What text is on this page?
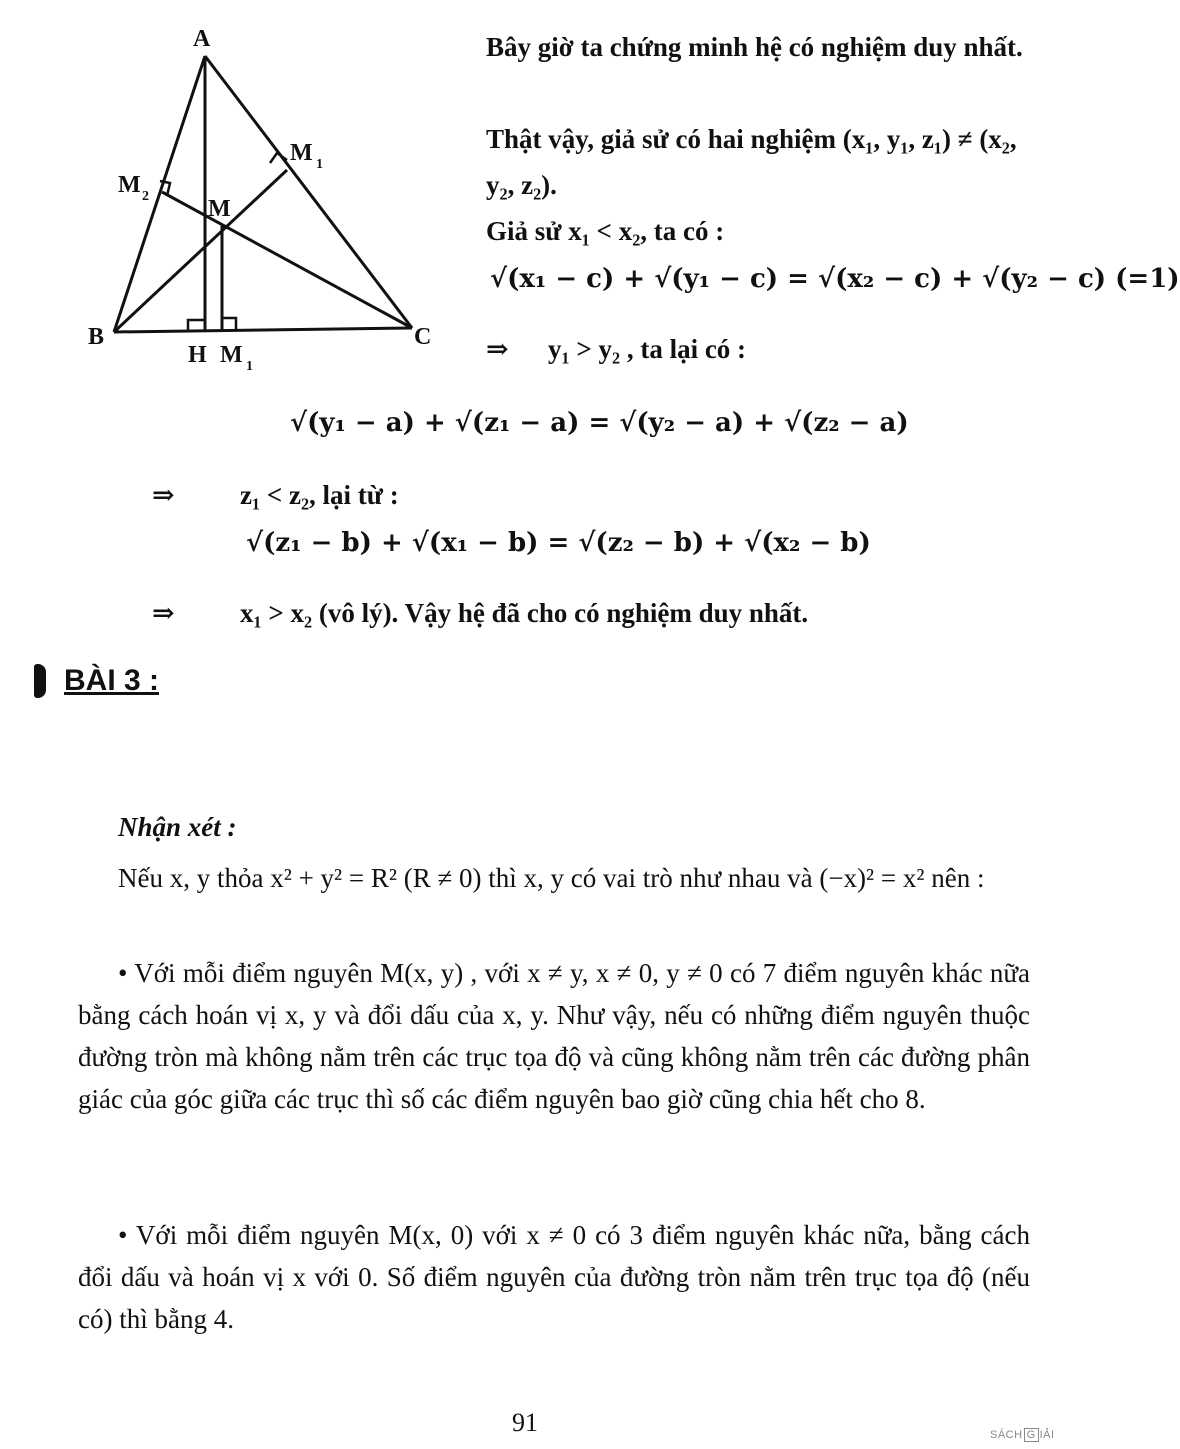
A
B	C
M
M 1
M 2
H M 1
Bây giờ ta chứng minh hệ có nghiệm duy nhất.
Thật vậy, giả sử có hai nghiệm (x₁, y₁, z₁) ≠ (x₂, y₂, z₂).
Giả sử x₁ < x₂, ta có :
√(x₁ − c) + √(y₁ − c) = √(x₂ − c) + √(y₂ − c) (=1)
⇒ y₁ > y₂ , ta lại có :
√(y₁ − a) + √(z₁ − a) = √(y₂ − a) + √(z₂ − a)
⇒ z₁ < z₂, lại từ :
√(z₁ − b) + √(x₁ − b) = √(z₂ − b) + √(x₂ − b)
⇒ x₁ > x₂ (vô lý). Vậy hệ đã cho có nghiệm duy nhất.
BÀI 3 :
Nhận xét :
Nếu x, y thỏa x² + y² = R² (R ≠ 0) thì x, y có vai trò như nhau và (−x)² = x² nên :
• Với mỗi điểm nguyên M(x, y) , với x ≠ y, x ≠ 0, y ≠ 0 có 7 điểm nguyên khác nữa bằng cách hoán vị x, y và đổi dấu của x, y. Như vậy, nếu có những điểm nguyên thuộc đường tròn mà không nằm trên các trục tọa độ và cũng không nằm trên các đường phân giác của góc giữa các trục thì số các điểm nguyên bao giờ cũng chia hết cho 8.
• Với mỗi điểm nguyên M(x, 0) với x ≠ 0 có 3 điểm nguyên khác nữa, bằng cách đổi dấu và hoán vị x với 0. Số điểm nguyên của đường tròn nằm trên trục tọa độ (nếu có) thì bằng 4.
91	SÁCH G IẢI
